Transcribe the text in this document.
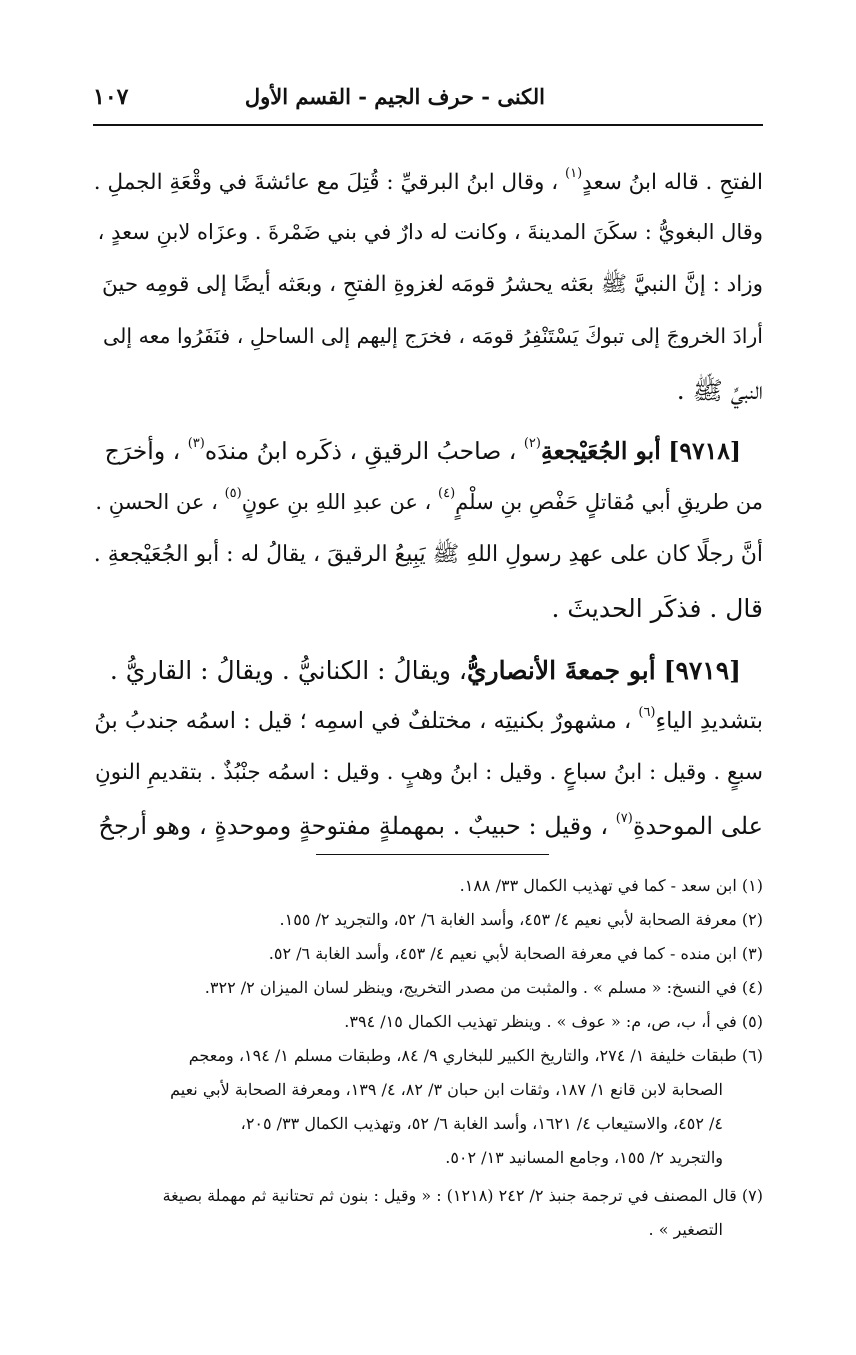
الكنى - حرف الجيم - القسم الأول
١٠٧
الفتحِ . قاله ابنُ سعدٍ$^{(١)}$ ، وقال ابنُ البرقيِّ : قُتِلَ مع عائشةَ في وقْعَةِ الجملِ .
وقال البغويُّ : سكَنَ المدينةَ ، وكانت له دارٌ في بني ضَمْرةَ . وعزَاه لابنِ سعدٍ ،
وزاد : إنَّ النبيَّ ﷺ بعَثه يحشرُ قومَه لغزوةِ الفتحِ ، وبعَثه أيضًا إلى قومِه حينَ
أرادَ الخروجَ إلى تبوكَ يَسْتَنْفِرُ قومَه ، فخرَج إليهم إلى الساحلِ ، فنَفَرُوا معه إلى
النبيِّ ﷺ .
[٩٧١٨] أبو الجُعَيْجعةِ$^{(٢)}$ ، صاحبُ الرقيقِ ، ذكَره ابنُ مندَه$^{(٣)}$ ، وأخرَج
من طريقِ أبي مُقاتلٍ حَفْصِ بنِ سلْمٍ$^{(٤)}$ ، عن عبدِ اللهِ بنِ عونٍ$^{(٥)}$ ، عن الحسنِ .
أنَّ رجلًا كان على عهدِ رسولِ اللهِ ﷺ يَبِيعُ الرقيقَ ، يقالُ له : أبو الجُعَيْجعةِ .
قال . فذكَر الحديثَ .
[٩٧١٩] أبو جمعةَ الأنصاريُّ، ويقالُ : الكنانيُّ . ويقالُ : القاريُّ .
بتشديدِ الياءِ$^{(٦)}$ ، مشهورٌ بكنيتِه ، مختلفٌ في اسمِه ؛ قيل : اسمُه جندبُ بنُ
سبعٍ . وقيل : ابنُ سباعٍ . وقيل : ابنُ وهبٍ . وقيل : اسمُه جنْبُذٌ . بتقديمِ النونِ
على الموحدةِ$^{(٧)}$ ، وقيل : حبيبٌ . بمهملةٍ مفتوحةٍ وموحدةٍ ، وهو أرجحُ
(١) ابن سعد - كما في تهذيب الكمال ٣٣/ ١٨٨.
(٢) معرفة الصحابة لأبي نعيم ٤/ ٤٥٣، وأسد الغابة ٦/ ٥٢، والتجريد ٢/ ١٥٥.
(٣) ابن منده - كما في معرفة الصحابة لأبي نعيم ٤/ ٤٥٣، وأسد الغابة ٦/ ٥٢.
(٤) في النسخ: « مسلم » . والمثبت من مصدر التخريج، وينظر لسان الميزان ٢/ ٣٢٢.
(٥) في أ، ب، ص، م: « عوف » . وينظر تهذيب الكمال ١٥/ ٣٩٤.
(٦) طبقات خليفة ١/ ٢٧٤، والتاريخ الكبير للبخاري ٩/ ٨٤، وطبقات مسلم ١/ ١٩٤، ومعجم
الصحابة لابن قانع ١/ ١٨٧، وثقات ابن حبان ٣/ ٨٢، ٤/ ١٣٩، ومعرفة الصحابة لأبي نعيم
٤/ ٤٥٢، والاستيعاب ٤/ ١٦٢١، وأسد الغابة ٦/ ٥٢، وتهذيب الكمال ٣٣/ ٢٠٥،
والتجريد ٢/ ١٥٥، وجامع المسانيد ١٣/ ٥٠٢.
(٧) قال المصنف في ترجمة جنبذ ٢/ ٢٤٢ (١٢١٨) : « وقيل : بنون ثم تحتانية ثم مهملة بصيغة
التصغير » .
